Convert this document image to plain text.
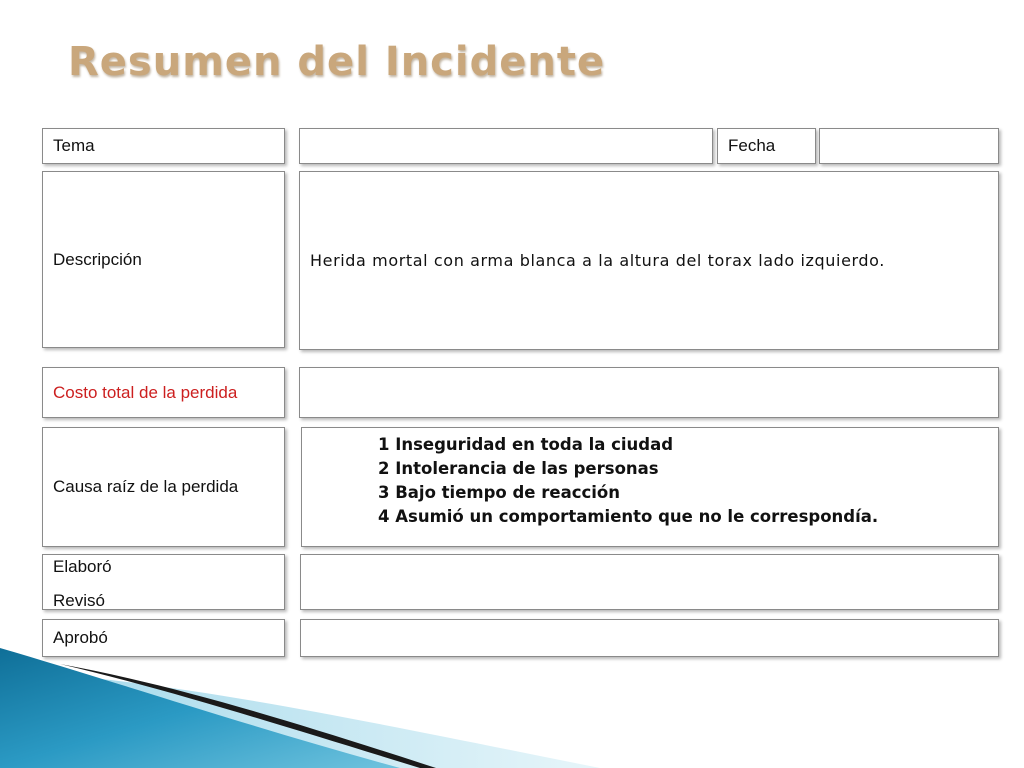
Resumen del Incidente
Tema	Fecha
Descripción	Herida mortal con arma blanca a la altura del torax lado izquierdo.
Costo total de la perdida
Causa raíz de la perdida
1 Inseguridad en toda la ciudad
2 Intolerancia de las personas
3 Bajo tiempo de reacción
4 Asumió un comportamiento que no le correspondía.
Elaboró
Revisó
Aprobó
